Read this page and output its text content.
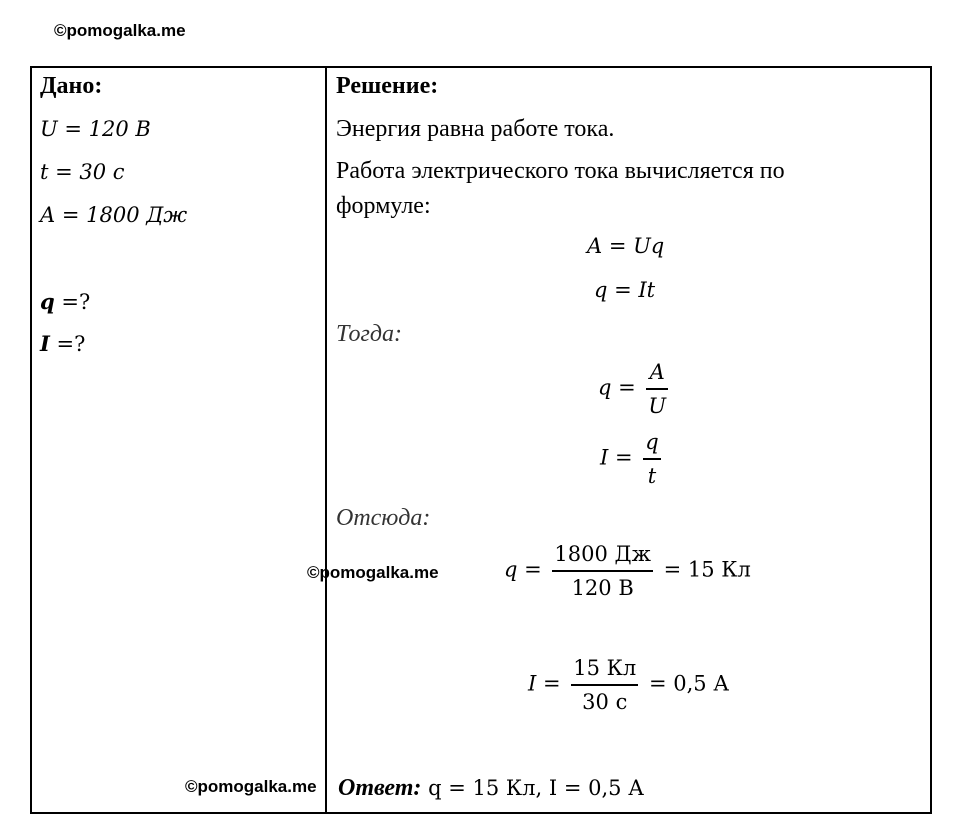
©pomogalka.me
Дано:
U = 120 В
t = 30 с
A = 1800 Дж
q =?
I =?
Решение:
Энергия равна работе тока.
Работа электрического тока вычисляется по
формуле:
A = Uq
q = It
Тогда:
$q = \frac{A}{U}$
$I = \frac{q}{t}$
Отсюда:
$q = \frac{1800 Дж}{120 В} = 15$ Кл
$I = \frac{15 Кл}{30 с} = 0,5$ А
Ответ: q = 15 Кл, I = 0,5 А
©pomogalka.me
©pomogalka.me
